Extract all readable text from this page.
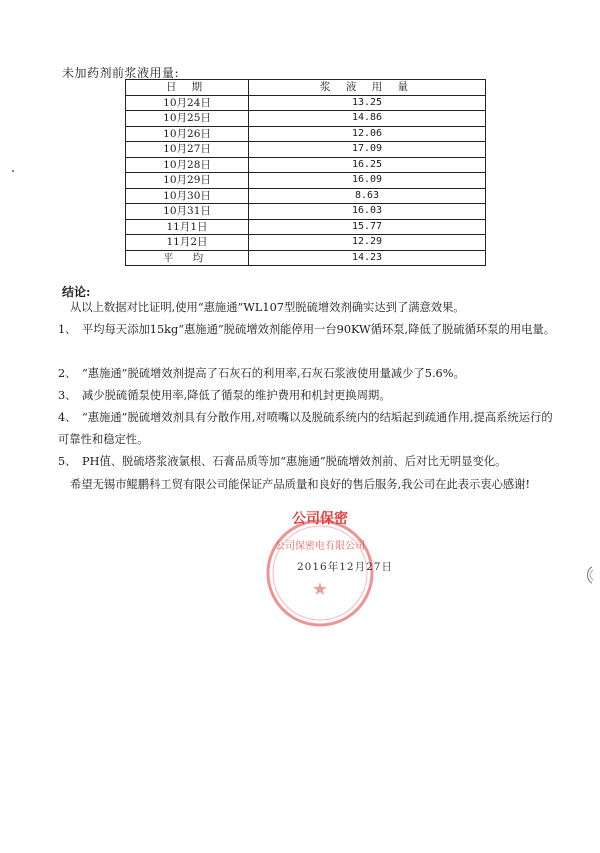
未加药剂前浆液用量:
日 期	浆 液 用 量
10月24日	13.25
10月25日	14.86
10月26日	12.06
10月27日	17.09
10月28日	16.25
10月29日	16.09
10月30日	8.63
10月31日	16.03
11月1日	15.77
11月2日	12.29
平 均	14.23
结论:
从以上数据对比证明,使用“惠施通”WL107型脱硫增效剂确实达到了满意效果。
1、 平均每天添加15kg“惠施通”脱硫增效剂能停用一台90KW循环泵,降低了脱硫循环泵的用电量。
2、 “惠施通”脱硫增效剂提高了石灰石的利用率,石灰石浆液使用量减少了5.6%。
3、 减少脱硫循泵使用率,降低了循泵的维护费用和机封更换周期。
4、 “惠施通”脱硫增效剂具有分散作用,对喷嘴以及脱硫系统内的结垢起到疏通作用,提高系统运行的可靠性和稳定性。
5、 PH值、脱硫塔浆液氯根、石膏品质等加“惠施通”脱硫增效剂前、后对比无明显变化。
希望无锡市鲲鹏科工贸有限公司能保证产品质量和良好的售后服务,我公司在此表示衷心感谢!
★
公司保密
公司保密电有限公司
2016年12月27日
